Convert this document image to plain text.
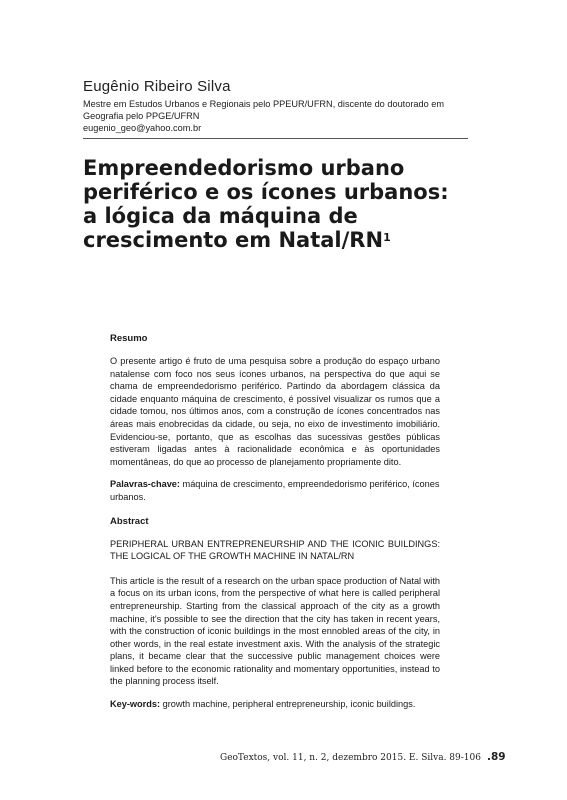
Eugênio Ribeiro Silva

Mestre em Estudos Urbanos e Regionais pelo PPEUR/UFRN, discente do doutorado em
Geografia pelo PPGE/UFRN
eugenio_geo@yahoo.com.br
Empreendedorismo urbano
periférico e os ícones urbanos:
a lógica da máquina de
crescimento em Natal/$RN^1$

Resumo

O presente artigo é fruto de uma pesquisa sobre a produção do espaço urbano natalense com foco nos seus ícones urbanos, na perspectiva do que aqui se chama de empreendedorismo periférico. Partindo da abordagem clássica da cidade enquanto máquina de crescimento, é possível visualizar os rumos que a cidade tomou, nos últimos anos, com a construção de ícones concentrados nas áreas mais enobrecidas da cidade, ou seja, no eixo de investimento imobiliário. Evidenciou-se, portanto, que as escolhas das sucessivas gestões públicas estiveram ligadas antes à racionalidade econômica e às oportunidades momentâneas, do que ao processo de planejamento propriamente dito.

Palavras-chave: máquina de crescimento, empreendedorismo periférico, ícones urbanos.

Abstract

PERIPHERAL URBAN ENTREPRENEURSHIP AND THE ICONIC BUILDINGS: THE LOGICAL OF THE GROWTH MACHINE IN NATAL/RN

This article is the result of a research on the urban space production of Natal with a focus on its urban icons, from the perspective of what here is called peripheral entrepreneurship. Starting from the classical approach of the city as a growth machine, it's possible to see the direction that the city has taken in recent years, with the construction of iconic buildings in the most ennobled areas of the city, in other words, in the real estate investment axis. With the analysis of the strategic plans, it became clear that the successive public management choices were linked before to the economic rationality and momentary opportunities, instead to the planning process itself.

Key-words: growth machine, peripheral entrepreneurship, iconic buildings.

GeoTextos, vol. 11, n. 2, dezembro 2015. E. Silva. 89-106 .89
